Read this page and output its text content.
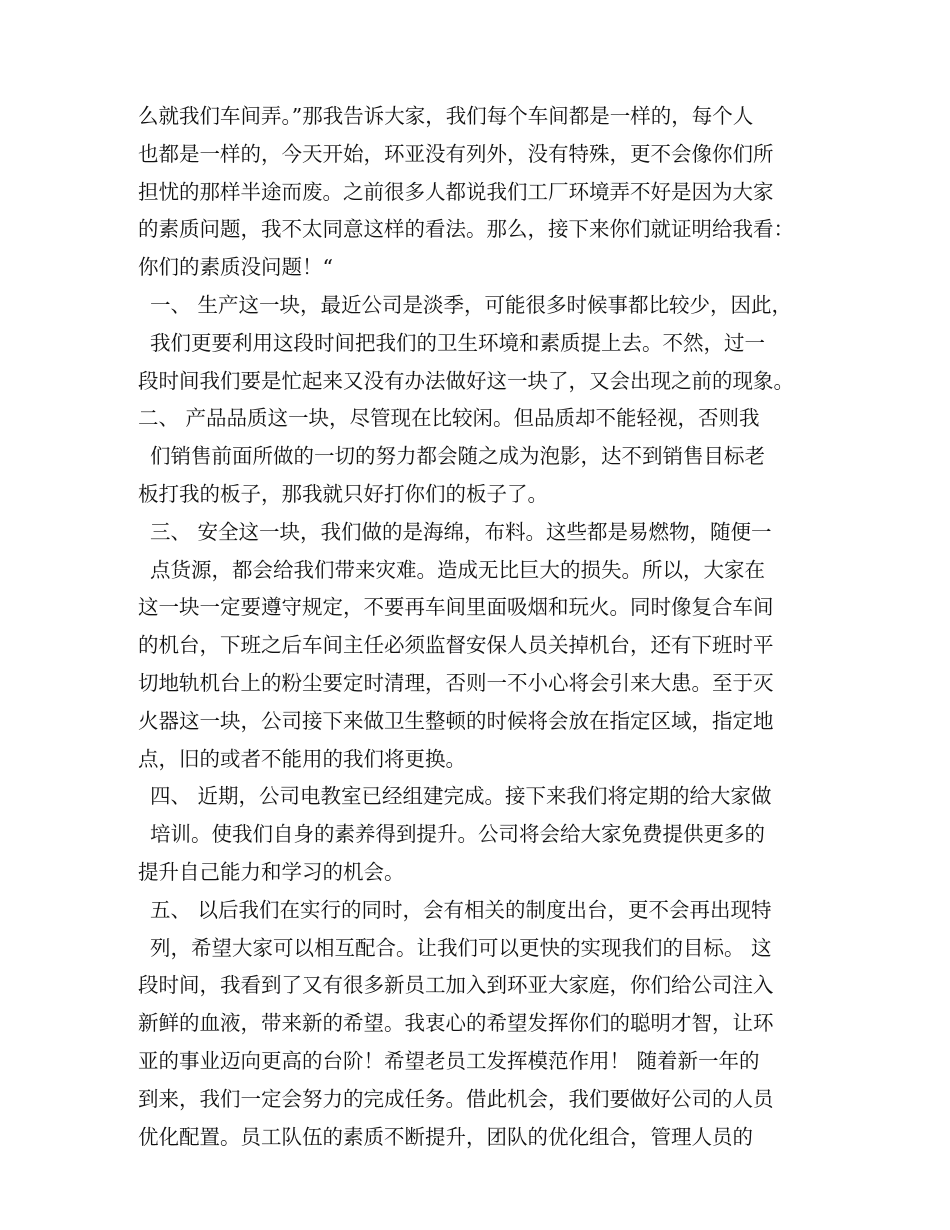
么就我们车间弄。”那我告诉大家，我们每个车间都是一样的，每个人
也都是一样的，今天开始，环亚没有列外，没有特殊，更不会像你们所
担忧的那样半途而废。之前很多人都说我们工厂环境弄不好是因为大家
的素质问题，我不太同意这样的看法。那么，接下来你们就证明给我看：
你们的素质没问题！“
一、 生产这一块，最近公司是淡季，可能很多时候事都比较少，因此，
我们更要利用这段时间把我们的卫生环境和素质提上去。不然，过一
段时间我们要是忙起来又没有办法做好这一块了，又会出现之前的现象。
二、 产品品质这一块，尽管现在比较闲。但品质却不能轻视，否则我
们销售前面所做的一切的努力都会随之成为泡影，达不到销售目标老
板打我的板子，那我就只好打你们的板子了。
三、 安全这一块，我们做的是海绵，布料。这些都是易燃物，随便一
点货源，都会给我们带来灾难。造成无比巨大的损失。所以，大家在
这一块一定要遵守规定，不要再车间里面吸烟和玩火。同时像复合车间
的机台，下班之后车间主任必须监督安保人员关掉机台，还有下班时平
切地轨机台上的粉尘要定时清理，否则一不小心将会引来大患。至于灭
火器这一块，公司接下来做卫生整顿的时候将会放在指定区域，指定地
点，旧的或者不能用的我们将更换。
四、 近期，公司电教室已经组建完成。接下来我们将定期的给大家做
培训。使我们自身的素养得到提升。公司将会给大家免费提供更多的
提升自己能力和学习的机会。
五、 以后我们在实行的同时，会有相关的制度出台，更不会再出现特
列，希望大家可以相互配合。让我们可以更快的实现我们的目标。 这
段时间，我看到了又有很多新员工加入到环亚大家庭，你们给公司注入
新鲜的血液，带来新的希望。我衷心的希望发挥你们的聪明才智，让环
亚的事业迈向更高的台阶！希望老员工发挥模范作用！ 随着新一年的
到来，我们一定会努力的完成任务。借此机会，我们要做好公司的人员
优化配置。员工队伍的素质不断提升，团队的优化组合，管理人员的
